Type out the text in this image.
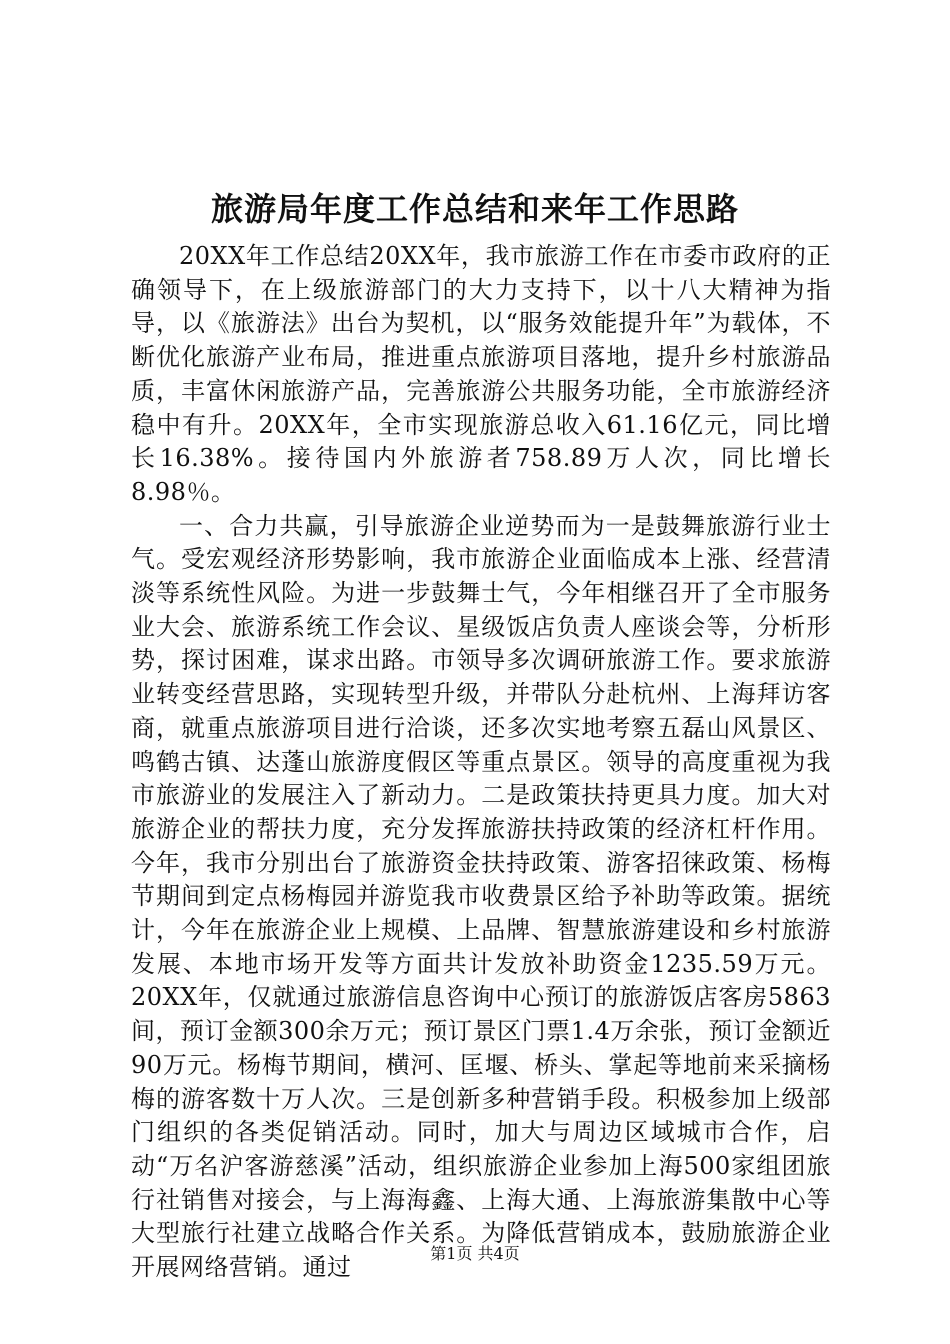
旅游局年度工作总结和来年工作思路

20XX年工作总结20XX年，我市旅游工作在市委市政府的正确领导下，在上级旅游部门的大力支持下，以十八大精神为指导，以《旅游法》出台为契机，以“服务效能提升年”为载体，不断优化旅游产业布局，推进重点旅游项目落地，提升乡村旅游品质，丰富休闲旅游产品，完善旅游公共服务功能，全市旅游经济稳中有升。20XX年，全市实现旅游总收入61.16亿元，同比增长16.38%。接待国内外旅游者758.89万人次，同比增长8.98％。

一、合力共赢，引导旅游企业逆势而为一是鼓舞旅游行业士气。受宏观经济形势影响，我市旅游企业面临成本上涨、经营清淡等系统性风险。为进一步鼓舞士气，今年相继召开了全市服务业大会、旅游系统工作会议、星级饭店负责人座谈会等，分析形势，探讨困难，谋求出路。市领导多次调研旅游工作。要求旅游业转变经营思路，实现转型升级，并带队分赴杭州、上海拜访客商，就重点旅游项目进行洽谈，还多次实地考察五磊山风景区、鸣鹤古镇、达蓬山旅游度假区等重点景区。领导的高度重视为我市旅游业的发展注入了新动力。二是政策扶持更具力度。加大对旅游企业的帮扶力度，充分发挥旅游扶持政策的经济杠杆作用。今年，我市分别出台了旅游资金扶持政策、游客招徕政策、杨梅节期间到定点杨梅园并游览我市收费景区给予补助等政策。据统计，今年在旅游企业上规模、上品牌、智慧旅游建设和乡村旅游发展、本地市场开发等方面共计发放补助资金1235.59万元。20XX年，仅就通过旅游信息咨询中心预订的旅游饭店客房5863间，预订金额300余万元；预订景区门票1.4万余张，预订金额近90万元。杨梅节期间，横河、匡堰、桥头、掌起等地前来采摘杨梅的游客数十万人次。三是创新多种营销手段。积极参加上级部门组织的各类促销活动。同时，加大与周边区域城市合作，启动“万名沪客游慈溪”活动，组织旅游企业参加上海500家组团旅行社销售对接会，与上海海鑫、上海大通、上海旅游集散中心等大型旅行社建立战略合作关系。为降低营销成本，鼓励旅游企业开展网络营销。通过	第1页 共4页
